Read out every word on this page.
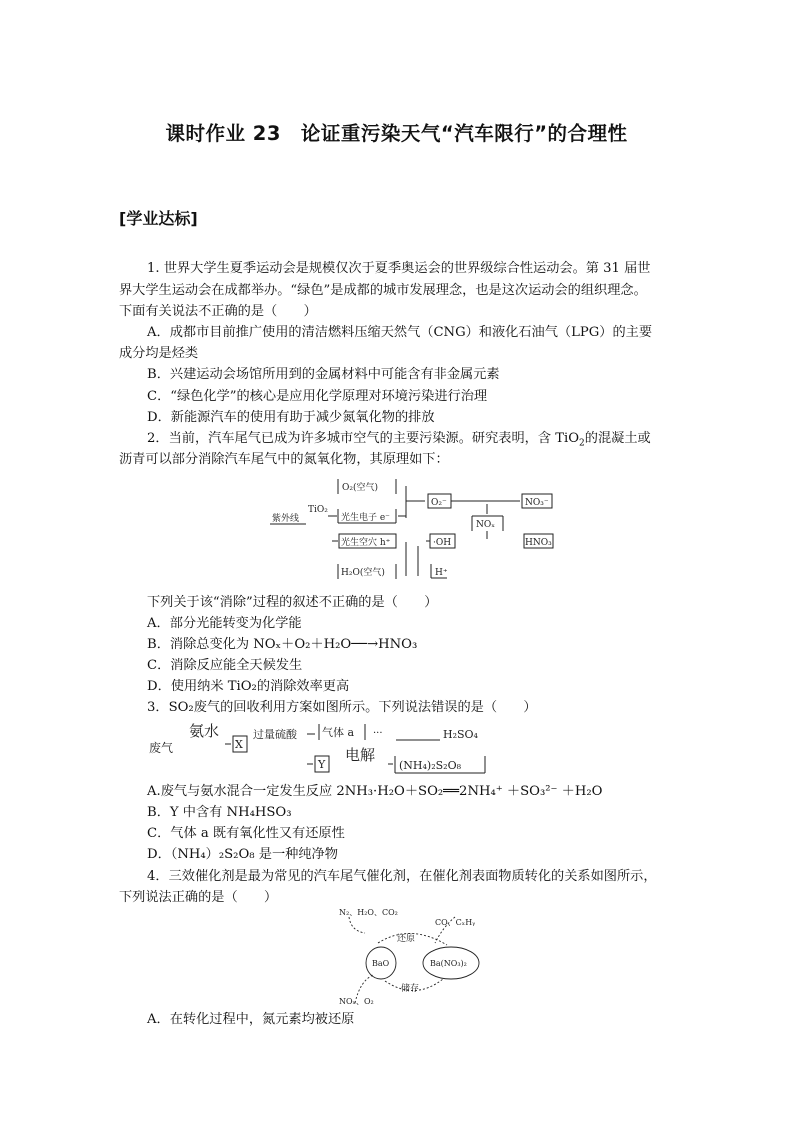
课时作业 23　论证重污染天气“汽车限行”的合理性
[学业达标]
1. 世界大学生夏季运动会是规模仅次于夏季奥运会的世界级综合性运动会。第 31 届世
界大学生运动会在成都举办。“绿色”是成都的城市发展理念，也是这次运动会的组织理念。
下面有关说法不正确的是（　　）
A．成都市目前推广使用的清洁燃料压缩天然气（CNG）和液化石油气（LPG）的主要
成分均是烃类
B．兴建运动会场馆所用到的金属材料中可能含有非金属元素
C．“绿色化学”的核心是应用化学原理对环境污染进行治理
D．新能源汽车的使用有助于减少氮氧化物的排放
2．当前，汽车尾气已成为许多城市空气的主要污染源。研究表明，含 TiO$_2$的混凝土或
沥青可以部分消除汽车尾气中的氮氧化物，其原理如下：
紫外线
TiO₂
O₂(空气)
光生电子 e⁻
光生空穴 h⁺
H₂O(空气)
O₂⁻	NO₃⁻
NOₓ
·OH
H⁺
HNO₃
下列关于该“消除”过程的叙述不正确的是（　　）
A．部分光能转变为化学能
B．消除总变化为 NOₓ＋O₂＋H₂O──→HNO₃
C．消除反应能全天候发生
D．使用纳米 TiO₂的消除效率更高
3．SO₂废气的回收利用方案如图所示。下列说法错误的是（　　）
废气
氨水
X
过量硫酸 气体 a ···	H₂SO₄
Y
电解
(NH₄)₂S₂O₈
A.废气与氨水混合一定发生反应 2NH₃·H₂O＋SO₂══2NH₄⁺ ＋SO₃²⁻ ＋H₂O
B．Y 中含有 NH₄HSO₃
C．气体 a 既有氧化性又有还原性
D．（NH₄）₂S₂O₈ 是一种纯净物
4．三效催化剂是最为常见的汽车尾气催化剂，在催化剂表面物质转化的关系如图所示，
下列说法正确的是（　　）
N₂、H₂O、CO₂
CO、CₓHᵧ
还原
BaO	Ba(NO₃)₂
储存
NOₓ、O₂
A．在转化过程中，氮元素均被还原
